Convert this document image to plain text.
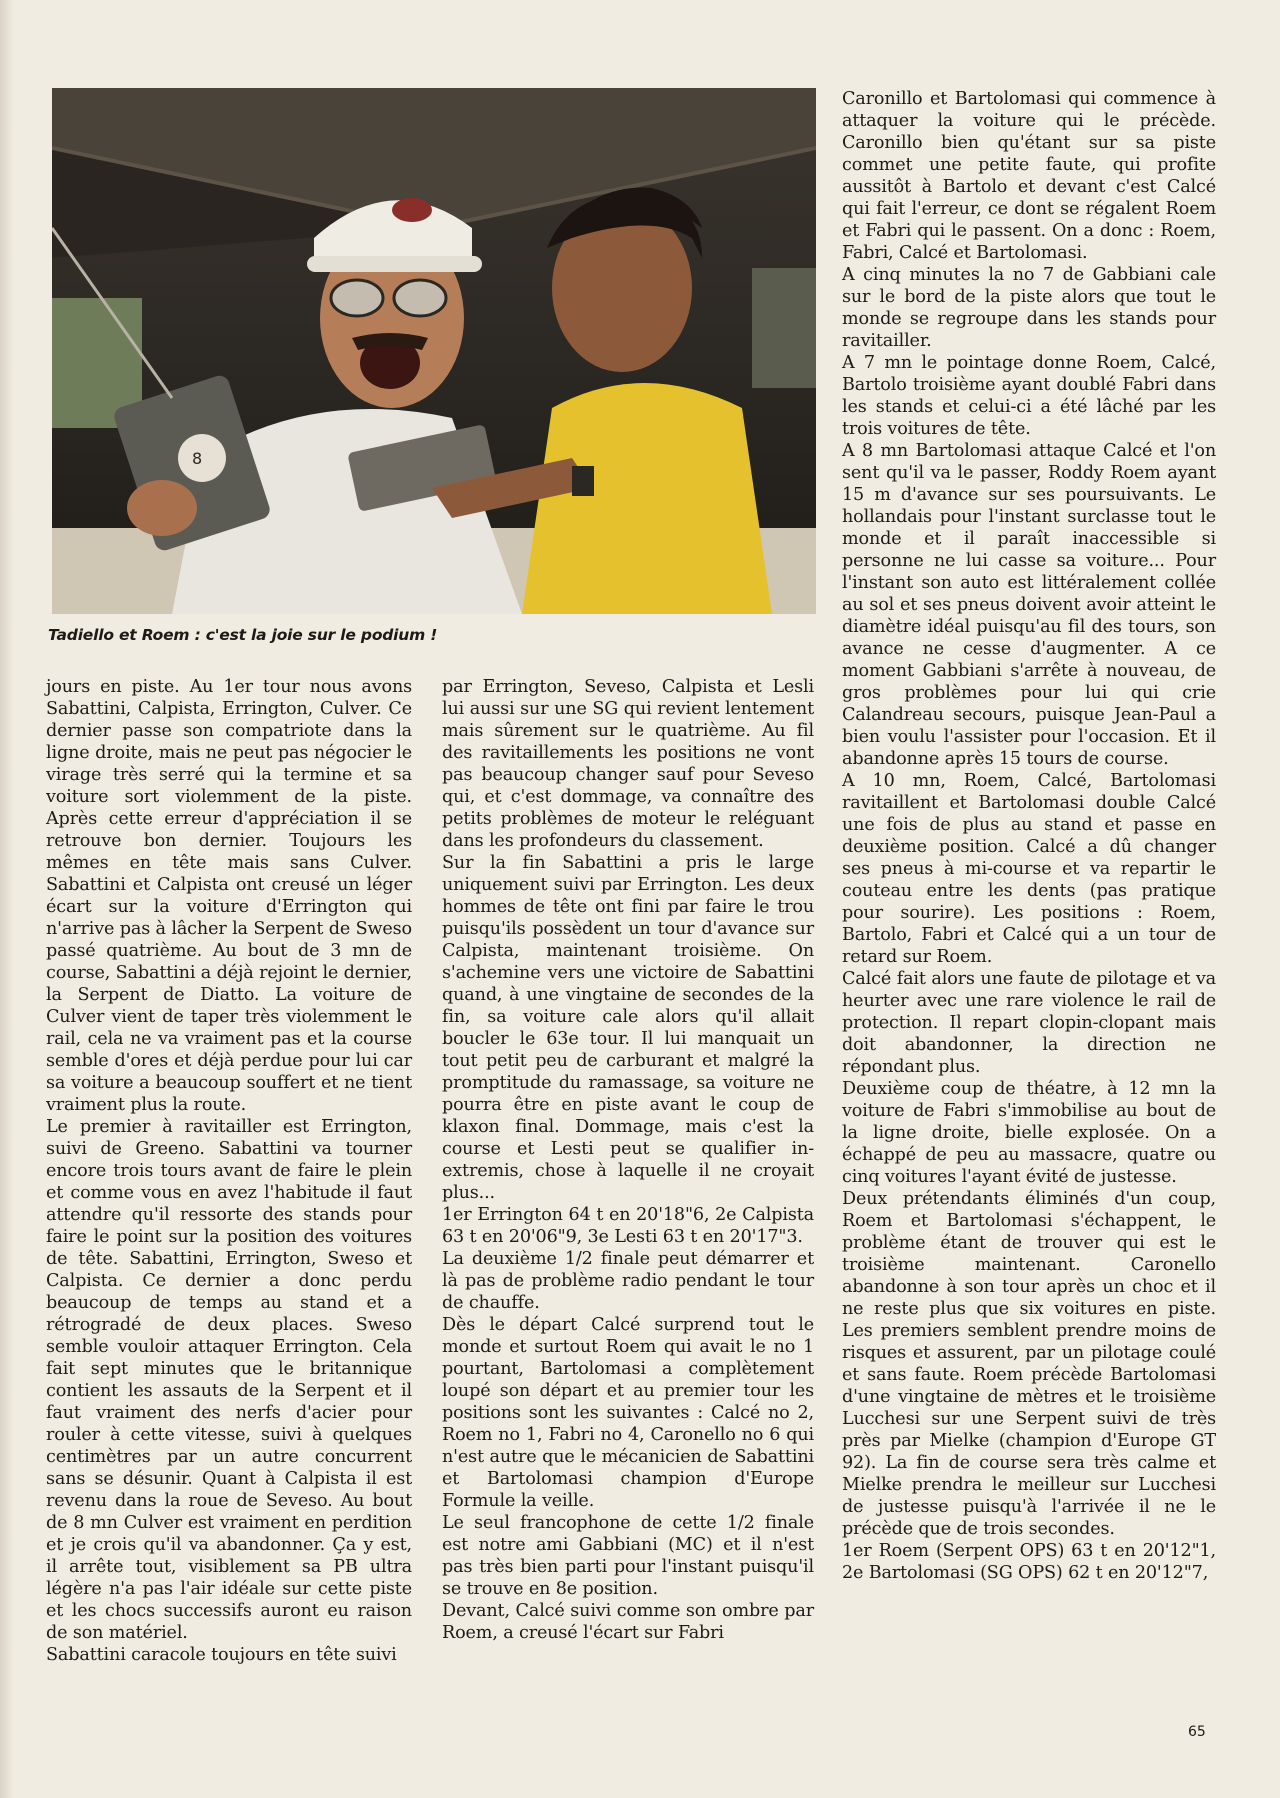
8
Tadiello et Roem : c'est la joie sur le podium !

jours en piste. Au 1er tour nous avons Sabattini, Calpista, Errington, Culver. Ce dernier passe son compatriote dans la ligne droite, mais ne peut pas négocier le virage très serré qui la termine et sa voiture sort violemment de la piste. Après cette erreur d'appréciation il se retrouve bon dernier. Toujours les mêmes en tête mais sans Culver. Sabattini et Calpista ont creusé un léger écart sur la voiture d'Errington qui n'arrive pas à lâcher la Serpent de Sweso passé quatrième. Au bout de 3 mn de course, Sabattini a déjà rejoint le dernier, la Serpent de Diatto. La voiture de Culver vient de taper très violemment le rail, cela ne va vraiment pas et la course semble d'ores et déjà perdue pour lui car sa voiture a beaucoup souffert et ne tient vraiment plus la route.

Le premier à ravitailler est Errington, suivi de Greeno. Sabattini va tourner encore trois tours avant de faire le plein et comme vous en avez l'habitude il faut attendre qu'il ressorte des stands pour faire le point sur la position des voitures de tête. Sabattini, Errington, Sweso et Calpista. Ce dernier a donc perdu beaucoup de temps au stand et a rétrogradé de deux places. Sweso semble vouloir attaquer Errington. Cela fait sept minutes que le britannique contient les assauts de la Serpent et il faut vraiment des nerfs d'acier pour rouler à cette vitesse, suivi à quelques centimètres par un autre concurrent sans se désunir. Quant à Calpista il est revenu dans la roue de Seveso. Au bout de 8 mn Culver est vraiment en perdition et je crois qu'il va abandonner. Ça y est, il arrête tout, visiblement sa PB ultra légère n'a pas l'air idéale sur cette piste et les chocs successifs auront eu raison de son matériel.

Sabattini caracole toujours en tête suivi

par Errington, Seveso, Calpista et Lesli lui aussi sur une SG qui revient lentement mais sûrement sur le quatrième. Au fil des ravitaillements les positions ne vont pas beaucoup changer sauf pour Seveso qui, et c'est dommage, va connaître des petits problèmes de moteur le reléguant dans les profondeurs du classement.

Sur la fin Sabattini a pris le large uniquement suivi par Errington. Les deux hommes de tête ont fini par faire le trou puisqu'ils possèdent un tour d'avance sur Calpista, maintenant troisième. On s'achemine vers une victoire de Sabattini quand, à une vingtaine de secondes de la fin, sa voiture cale alors qu'il allait boucler le 63e tour. Il lui manquait un tout petit peu de carburant et malgré la promptitude du ramassage, sa voiture ne pourra être en piste avant le coup de klaxon final. Dommage, mais c'est la course et Lesti peut se qualifier in-extremis, chose à laquelle il ne croyait plus...

1er Errington 64 t en 20'18"6, 2e Calpista 63 t en 20'06"9, 3e Lesti 63 t en 20'17"3.

La deuxième 1/2 finale peut démarrer et là pas de problème radio pendant le tour de chauffe.

Dès le départ Calcé surprend tout le monde et surtout Roem qui avait le no 1 pourtant, Bartolomasi a complètement loupé son départ et au premier tour les positions sont les suivantes : Calcé no 2, Roem no 1, Fabri no 4, Caronello no 6 qui n'est autre que le mécanicien de Sabattini et Bartolomasi champion d'Europe Formule la veille.

Le seul francophone de cette 1/2 finale est notre ami Gabbiani (MC) et il n'est pas très bien parti pour l'instant puisqu'il se trouve en 8e position.

Devant, Calcé suivi comme son ombre par Roem, a creusé l'écart sur Fabri

Caronillo et Bartolomasi qui commence à attaquer la voiture qui le précède. Caronillo bien qu'étant sur sa piste commet une petite faute, qui profite aussitôt à Bartolo et devant c'est Calcé qui fait l'erreur, ce dont se régalent Roem et Fabri qui le passent. On a donc : Roem, Fabri, Calcé et Bartolomasi.

A cinq minutes la no 7 de Gabbiani cale sur le bord de la piste alors que tout le monde se regroupe dans les stands pour ravitailler.

A 7 mn le pointage donne Roem, Calcé, Bartolo troisième ayant doublé Fabri dans les stands et celui-ci a été lâché par les trois voitures de tête.

A 8 mn Bartolomasi attaque Calcé et l'on sent qu'il va le passer, Roddy Roem ayant 15 m d'avance sur ses poursuivants. Le hollandais pour l'instant surclasse tout le monde et il paraît inaccessible si personne ne lui casse sa voiture... Pour l'instant son auto est littéralement collée au sol et ses pneus doivent avoir atteint le diamètre idéal puisqu'au fil des tours, son avance ne cesse d'augmenter. A ce moment Gabbiani s'arrête à nouveau, de gros problèmes pour lui qui crie Calandreau secours, puisque Jean-Paul a bien voulu l'assister pour l'occasion. Et il abandonne après 15 tours de course.

A 10 mn, Roem, Calcé, Bartolomasi ravitaillent et Bartolomasi double Calcé une fois de plus au stand et passe en deuxième position. Calcé a dû changer ses pneus à mi-course et va repartir le couteau entre les dents (pas pratique pour sourire). Les positions : Roem, Bartolo, Fabri et Calcé qui a un tour de retard sur Roem.

Calcé fait alors une faute de pilotage et va heurter avec une rare violence le rail de protection. Il repart clopin-clopant mais doit abandonner, la direction ne répondant plus.

Deuxième coup de théatre, à 12 mn la voiture de Fabri s'immobilise au bout de la ligne droite, bielle explosée. On a échappé de peu au massacre, quatre ou cinq voitures l'ayant évité de justesse.

Deux prétendants éliminés d'un coup, Roem et Bartolomasi s'échappent, le problème étant de trouver qui est le troisième maintenant. Caronello abandonne à son tour après un choc et il ne reste plus que six voitures en piste. Les premiers semblent prendre moins de risques et assurent, par un pilotage coulé et sans faute. Roem précède Bartolomasi d'une vingtaine de mètres et le troisième Lucchesi sur une Serpent suivi de très près par Mielke (champion d'Europe GT 92). La fin de course sera très calme et Mielke prendra le meilleur sur Lucchesi de justesse puisqu'à l'arrivée il ne le précède que de trois secondes.

1er Roem (Serpent OPS) 63 t en 20'12"1, 2e Bartolomasi (SG OPS) 62 t en 20'12"7,

65
